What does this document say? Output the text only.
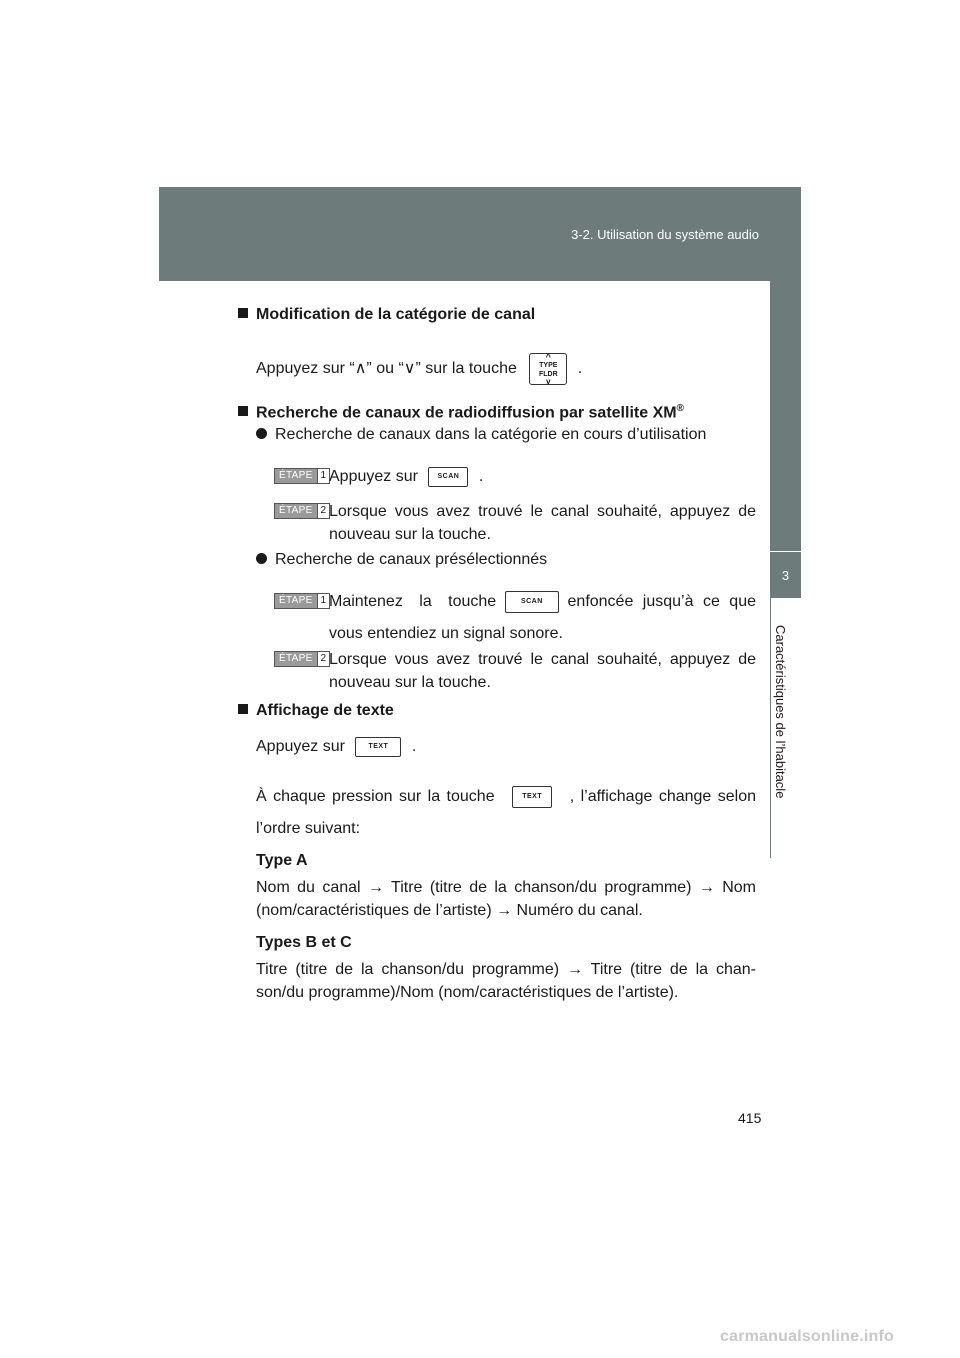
3-2. Utilisation du système audio
3
Caractéristiques de l’habitacle
Modification de la catégorie de canal
Appuyez sur “∧” ou “∨” sur la touche
^
TYPE
FLDR
v
.
Recherche de canaux de radiodiffusion par satellite XM®
Recherche de canaux dans la catégorie en cours d’utilisation
ÉTAPE 1 Appuyez sur	SCAN .
ÉTAPE 2 Lorsque vous avez trouvé le canal souhaité, appuyez de
nouveau sur la touche.
Recherche de canaux présélectionnés
ÉTAPE 1 Maintenez la touche	SCAN	enfoncée jusqu’à ce que
vous entendiez un signal sonore.
ÉTAPE 2 Lorsque vous avez trouvé le canal souhaité, appuyez de
nouveau sur la touche.
Affichage de texte
Appuyez sur	TEXT .
À chaque pression sur la touche	TEXT	, l’affichage change selon
l’ordre suivant:
Type A
Nom du canal → Titre (titre de la chanson/du programme) → Nom
(nom/caractéristiques de l’artiste) → Numéro du canal.
Types B et C
Titre (titre de la chanson/du programme) → Titre (titre de la chan-
son/du programme)/Nom (nom/caractéristiques de l’artiste).
415
carmanualsonline.info
